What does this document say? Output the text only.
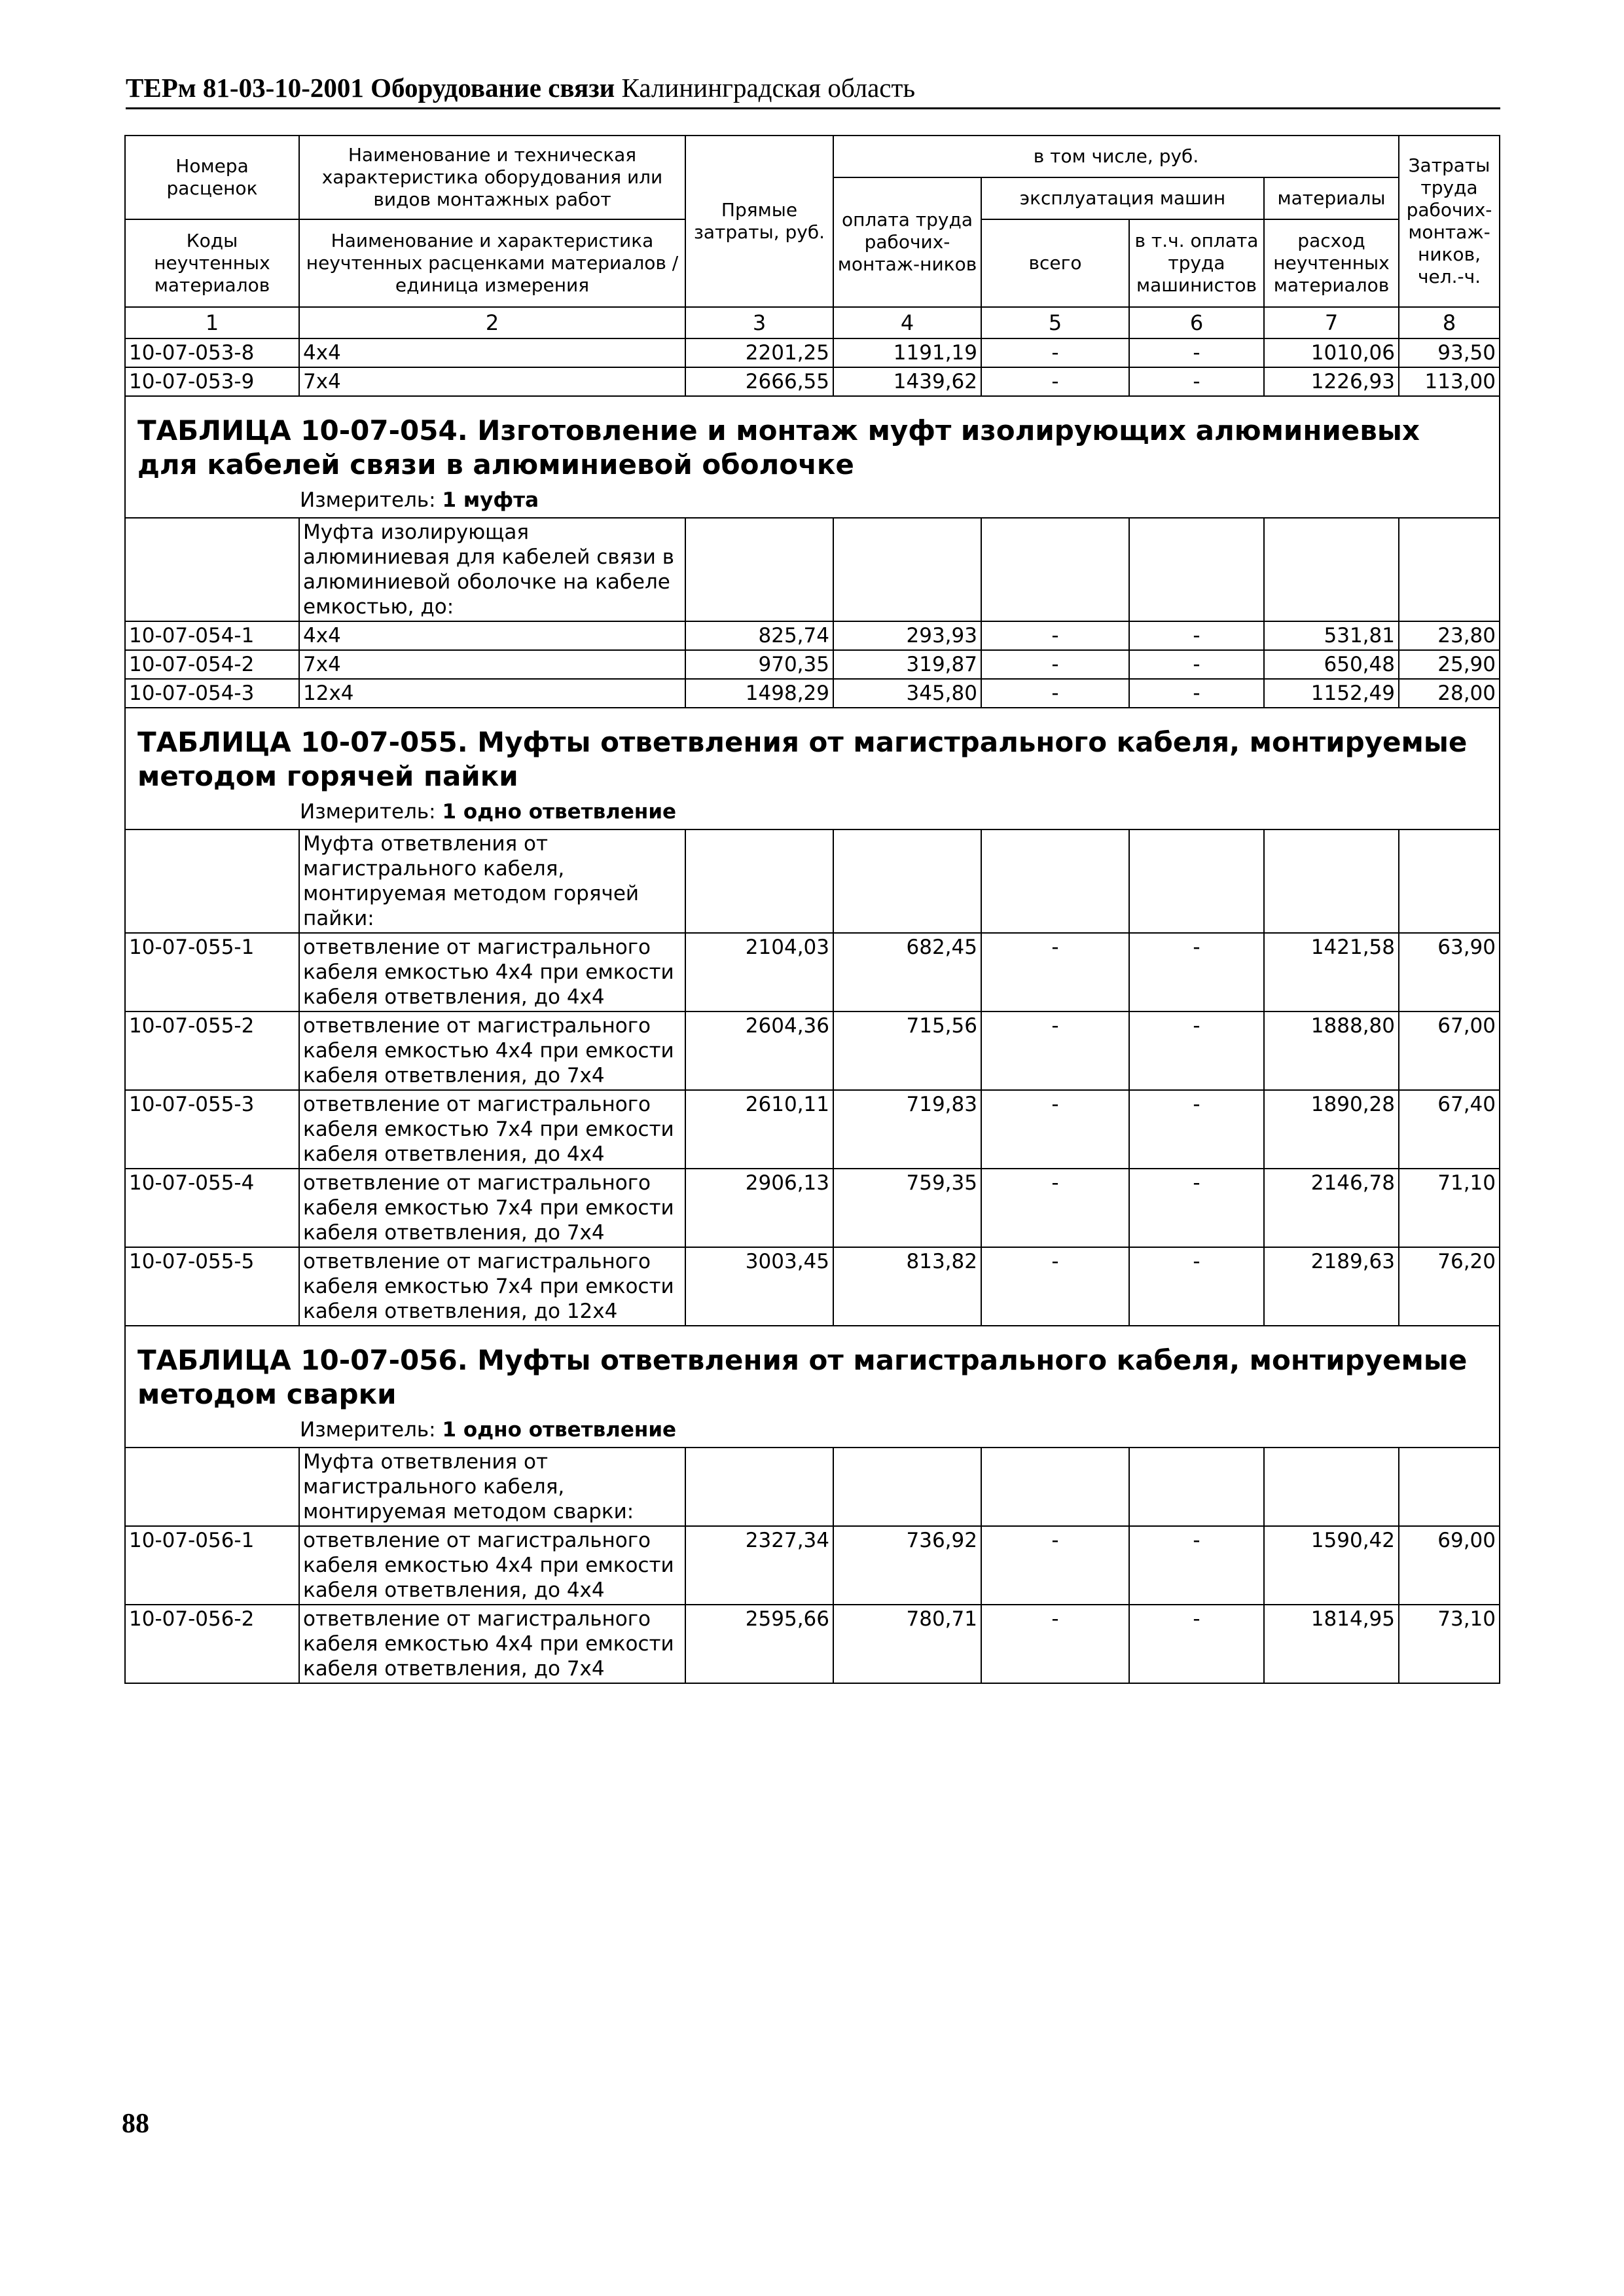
ТЕРм 81-03-10-2001 Оборудование связи Калининградская область
Номера расценок	Наименование и техническая характеристика оборудования или видов монтажных работ	Прямые затраты, руб.	в том числе, руб.				Затраты труда рабочих-монтаж-ников, чел.-ч.
			оплата труда рабочих-монтаж-ников	эксплуатация машин		материалы	
Коды неучтенных материалов	Наименование и характеристика неучтенных расценками материалов / единица измерения			всего	в т.ч. оплата труда машинистов	расход неучтенных материалов	

1	2	3	4	5	6	7	8
10-07-053-8	4х4	2201,25	1191,19	-	-	1010,06	93,50
10-07-053-9	7х4	2666,55	1439,62	-	-	1226,93	113,00
ТАБЛИЦА 10-07-054. Изготовление и монтаж муфт изолирующих алюминиевых для кабелей связи в алюминиевой оболочке							

Измеритель: 1 муфта							

	Муфта изолирующая алюминиевая для кабелей связи в алюминиевой оболочке на кабеле емкостью, до:						
10-07-054-1	4х4	825,74	293,93	-	-	531,81	23,80
10-07-054-2	7х4	970,35	319,87	-	-	650,48	25,90
10-07-054-3	12х4	1498,29	345,80	-	-	1152,49	28,00
ТАБЛИЦА 10-07-055. Муфты ответвления от магистрального кабеля, монтируемые методом горячей пайки							

Измеритель: 1 одно ответвление							

	Муфта ответвления от магистрального кабеля, монтируемая методом горячей пайки:						
10-07-055-1	ответвление от магистрального кабеля емкостью 4х4 при емкости кабеля ответвления, до 4х4	2104,03	682,45	-	-	1421,58	63,90
10-07-055-2	ответвление от магистрального кабеля емкостью 4х4 при емкости кабеля ответвления, до 7х4	2604,36	715,56	-	-	1888,80	67,00
10-07-055-3	ответвление от магистрального кабеля емкостью 7х4 при емкости кабеля ответвления, до 4х4	2610,11	719,83	-	-	1890,28	67,40
10-07-055-4	ответвление от магистрального кабеля емкостью 7х4 при емкости кабеля ответвления, до 7х4	2906,13	759,35	-	-	2146,78	71,10
10-07-055-5	ответвление от магистрального кабеля емкостью 7х4 при емкости кабеля ответвления, до 12х4	3003,45	813,82	-	-	2189,63	76,20
ТАБЛИЦА 10-07-056. Муфты ответвления от магистрального кабеля, монтируемые методом сварки							

Измеритель: 1 одно ответвление							

	Муфта ответвления от магистрального кабеля, монтируемая методом сварки:						
10-07-056-1	ответвление от магистрального кабеля емкостью 4х4 при емкости кабеля ответвления, до 4х4	2327,34	736,92	-	-	1590,42	69,00
10-07-056-2	ответвление от магистрального кабеля емкостью 4х4 при емкости кабеля ответвления, до 7х4	2595,66	780,71	-	-	1814,95	73,10
88
